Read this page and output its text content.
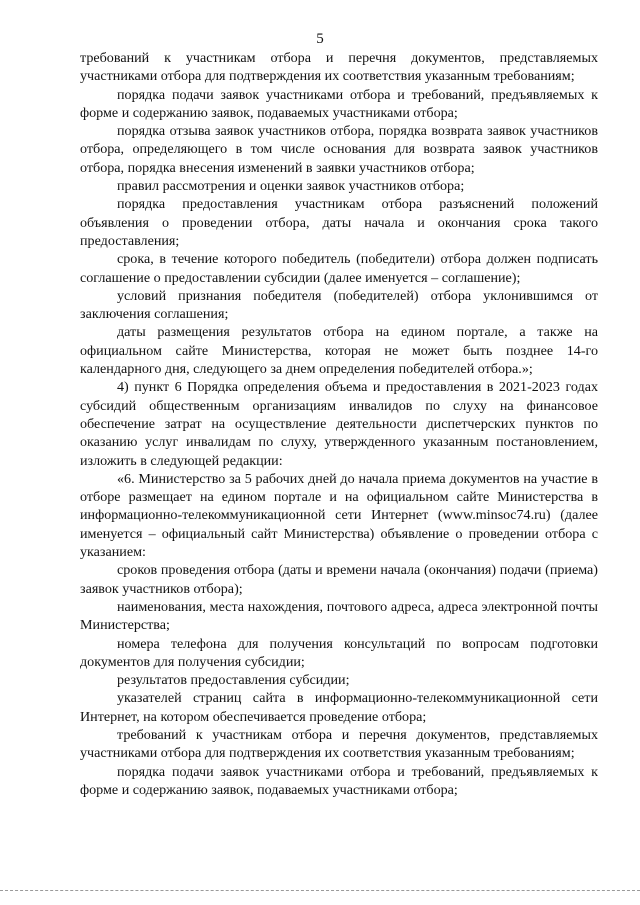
5

требований к участникам отбора и перечня документов, представляемых участниками отбора для подтверждения их соответствия указанным требованиям;

порядка подачи заявок участниками отбора и требований, предъявляемых к форме и содержанию заявок, подаваемых участниками отбора;

порядка отзыва заявок участников отбора, порядка возврата заявок участников отбора, определяющего в том числе основания для возврата заявок участников отбора, порядка внесения изменений в заявки участников отбора;

правил рассмотрения и оценки заявок участников отбора;

порядка предоставления участникам отбора разъяснений положений объявления о проведении отбора, даты начала и окончания срока такого предоставления;

срока, в течение которого победитель (победители) отбора должен подписать соглашение о предоставлении субсидии (далее именуется – соглашение);

условий признания победителя (победителей) отбора уклонившимся от заключения соглашения;

даты размещения результатов отбора на едином портале, а также на официальном сайте Министерства, которая не может быть позднее 14-го календарного дня, следующего за днем определения победителей отбора.»;

4) пункт 6 Порядка определения объема и предоставления в 2021-2023 годах субсидий общественным организациям инвалидов по слуху на финансовое обеспечение затрат на осуществление деятельности диспетчерских пунктов по оказанию услуг инвалидам по слуху, утвержденного указанным постановлением, изложить в следующей редакции:

«6. Министерство за 5 рабочих дней до начала приема документов на участие в отборе размещает на едином портале и на официальном сайте Министерства в информационно-телекоммуникационной сети Интернет (www.minsoc74.ru) (далее именуется – официальный сайт Министерства) объявление о проведении отбора с указанием:

сроков проведения отбора (даты и времени начала (окончания) подачи (приема) заявок участников отбора);

наименования, места нахождения, почтового адреса, адреса электронной почты Министерства;

номера телефона для получения консультаций по вопросам подготовки документов для получения субсидии;

результатов предоставления субсидии;

указателей страниц сайта в информационно-телекоммуникационной сети Интернет, на котором обеспечивается проведение отбора;

требований к участникам отбора и перечня документов, представляемых участниками отбора для подтверждения их соответствия указанным требованиям;

порядка подачи заявок участниками отбора и требований, предъявляемых к форме и содержанию заявок, подаваемых участниками отбора;
